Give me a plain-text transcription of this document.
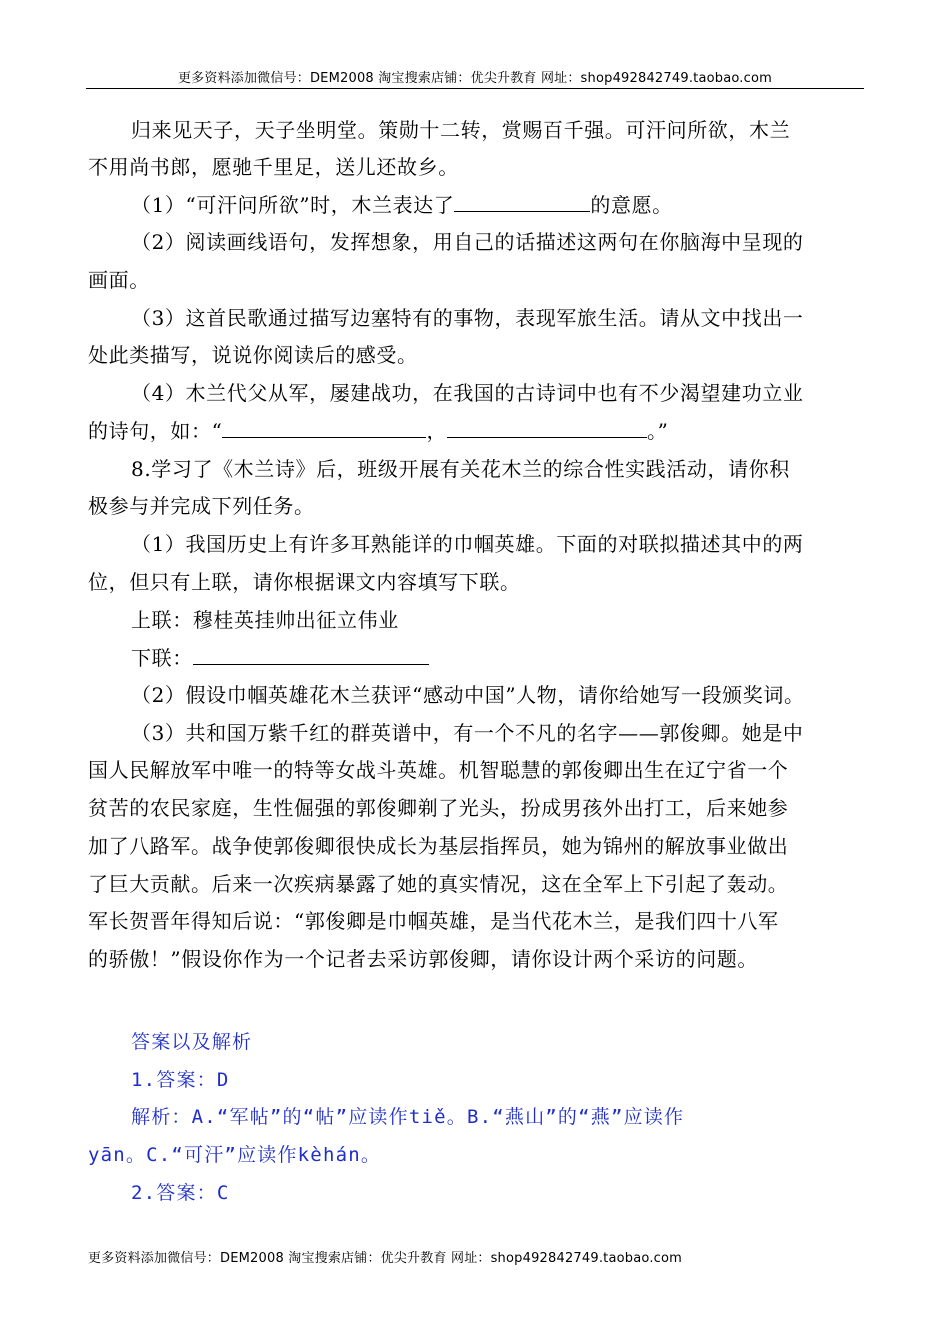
更多资料添加微信号：DEM2008 淘宝搜索店铺：优尖升教育 网址：shop492842749.taobao.com
归来见天子，天子坐明堂。策勋十二转，赏赐百千强。可汗问所欲，木兰
不用尚书郎，愿驰千里足，送儿还故乡。
（1）“可汗问所欲”时，木兰表达了	的意愿。
（2）阅读画线语句，发挥想象，用自己的话描述这两句在你脑海中呈现的
画面。
（3）这首民歌通过描写边塞特有的事物，表现军旅生活。请从文中找出一
处此类描写，说说你阅读后的感受。
（4）木兰代父从军，屡建战功，在我国的古诗词中也有不少渴望建功立业
的诗句，如：“	，	。”
8.学习了《木兰诗》后，班级开展有关花木兰的综合性实践活动，请你积
极参与并完成下列任务。
（1）我国历史上有许多耳熟能详的巾帼英雄。下面的对联拟描述其中的两
位，但只有上联，请你根据课文内容填写下联。
上联：穆桂英挂帅出征立伟业
下联：
（2）假设巾帼英雄花木兰获评“感动中国”人物，请你给她写一段颁奖词。
（3）共和国万紫千红的群英谱中，有一个不凡的名字——郭俊卿。她是中
国人民解放军中唯一的特等女战斗英雄。机智聪慧的郭俊卿出生在辽宁省一个
贫苦的农民家庭，生性倔强的郭俊卿剃了光头，扮成男孩外出打工，后来她参
加了八路军。战争使郭俊卿很快成长为基层指挥员，她为锦州的解放事业做出
了巨大贡献。后来一次疾病暴露了她的真实情况，这在全军上下引起了轰动。
军长贺晋年得知后说：“郭俊卿是巾帼英雄，是当代花木兰，是我们四十八军
的骄傲！”假设你作为一个记者去采访郭俊卿，请你设计两个采访的问题。
答案以及解析
1.答案：D
解析：A.“军帖”的“帖”应读作tiě。B.“燕山”的“燕”应读作
yān。C.“可汗”应读作kèhán。
2.答案：C
更多资料添加微信号：DEM2008 淘宝搜索店铺：优尖升教育 网址：shop492842749.taobao.com
